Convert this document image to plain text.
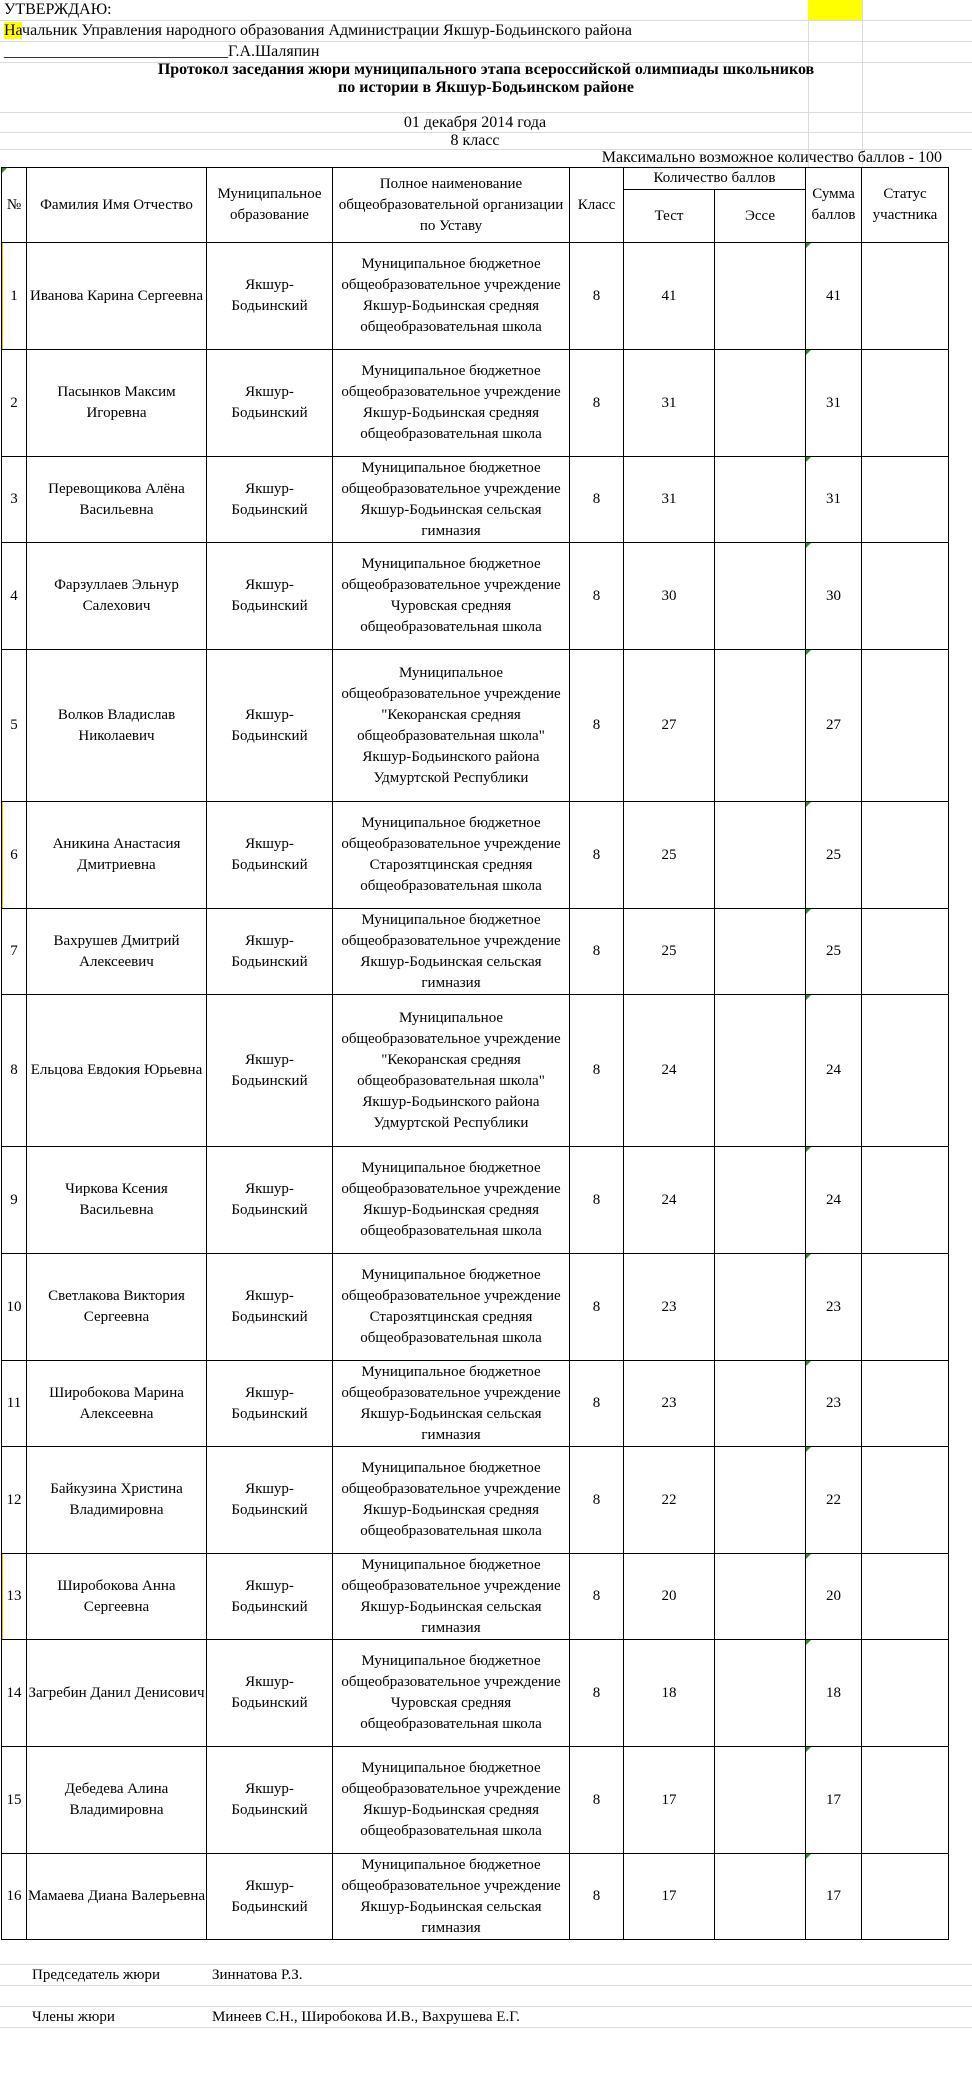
УТВЕРЖДАЮ:
Начальник Управления народного образования Администрации Якшур-Бодьинского района
____________________________Г.А.Шаляпин
Протокол заседания жюри муниципального этапа всероссийской олимпиады школьников
по истории в Якшур-Бодьинском районе
01 декабря 2014 года
8 класс
Максимально возможное количество баллов - 100
№	Фамилия Имя Отчество	Муниципальное образование	Полное наименование общеобразовательной организации по Уставу	Класс	Количество баллов		Сумма баллов	Статус участника
					Тест	Эссе		

1	Иванова Карина Сергеевна	Якшур-Бодьинский	Муниципальное бюджетное общеобразовательное учреждение Якшур-Бодьинская средняя общеобразовательная школа	8	41		41	
2	Пасынков Максим Игоревна	Якшур-Бодьинский	Муниципальное бюджетное общеобразовательное учреждение Якшур-Бодьинская средняя общеобразовательная школа	8	31		31	
3	Перевощикова Алёна Васильевна	Якшур-Бодьинский	Муниципальное бюджетное общеобразовательное учреждение Якшур-Бодьинская сельская гимназия	8	31		31	
4	Фарзуллаев Эльнур Салехович	Якшур-Бодьинский	Муниципальное бюджетное общеобразовательное учреждение Чуровская средняя общеобразовательная школа	8	30		30	
5	Волков Владислав Николаевич	Якшур-Бодьинский	Муниципальное общеобразовательное учреждение "Кекоранская средняя общеобразовательная школа" Якшур-Бодьинского района Удмуртской Республики	8	27		27	

6	Аникина Анастасия Дмитриевна	Якшур-Бодьинский	Муниципальное бюджетное общеобразовательное учреждение Старозятцинская средняя общеобразовательная школа	8	25		25	
7	Вахрушев Дмитрий Алексеевич	Якшур-Бодьинский	Муниципальное бюджетное общеобразовательное учреждение Якшур-Бодьинская сельская гимназия	8	25		25	
8	Ельцова Евдокия Юрьевна	Якшур-Бодьинский	Муниципальное общеобразовательное учреждение "Кекоранская средняя общеобразовательная школа" Якшур-Бодьинского района Удмуртской Республики	8	24		24	
9	Чиркова Ксения Васильевна	Якшур-Бодьинский	Муниципальное бюджетное общеобразовательное учреждение Якшур-Бодьинская средняя общеобразовательная школа	8	24		24	
10	Светлакова Виктория Сергеевна	Якшур-Бодьинский	Муниципальное бюджетное общеобразовательное учреждение Старозятцинская средняя общеобразовательная школа	8	23		23	
11	Широбокова Марина Алексеевна	Якшур-Бодьинский	Муниципальное бюджетное общеобразовательное учреждение Якшур-Бодьинская сельская гимназия	8	23		23	
12	Байкузина Христина Владимировна	Якшур-Бодьинский	Муниципальное бюджетное общеобразовательное учреждение Якшур-Бодьинская средняя общеобразовательная школа	8	22		22	

13	Широбокова Анна Сергеевна	Якшур-Бодьинский	Муниципальное бюджетное общеобразовательное учреждение Якшур-Бодьинская сельская гимназия	8	20		20	
14	Загребин Данил Денисович	Якшур-Бодьинский	Муниципальное бюджетное общеобразовательное учреждение Чуровская средняя общеобразовательная школа	8	18		18	
15	Дебедева Алина Владимировна	Якшур-Бодьинский	Муниципальное бюджетное общеобразовательное учреждение Якшур-Бодьинская средняя общеобразовательная школа	8	17		17	
16	Мамаева Диана Валерьевна	Якшур-Бодьинский	Муниципальное бюджетное общеобразовательное учреждение Якшур-Бодьинская сельская гимназия	8	17		17	
Председатель жюри	Зиннатова Р.З.
Члены жюри	Минеев С.Н., Широбокова И.В., Вахрушева Е.Г.
